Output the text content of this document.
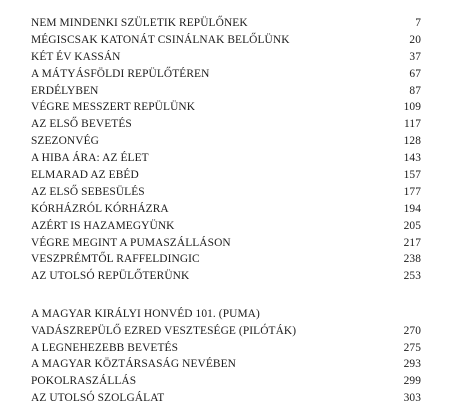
NEM MINDENKI SZÜLETIK REPÜLŐNEK	7
MÉGISCSAK KATONÁT CSINÁLNAK BELŐLÜNK	20
KÉT ÉV KASSÁN	37
A MÁTYÁSFÖLDI REPÜLŐTÉREN	67
ERDÉLYBEN	87
VÉGRE MESSZERT REPÜLÜNK	109
AZ ELSŐ BEVETÉS	117
SZEZONVÉG	128
A HIBA ÁRA: AZ ÉLET	143
ELMARAD AZ EBÉD	157
AZ ELSŐ SEBESÜLÉS	177
KÓRHÁZRÓL KÓRHÁZRA	194
AZÉRT IS HAZAMEGYÜNK	205
VÉGRE MEGINT A PUMASZÁLLÁSON	217
VESZPRÉMTŐL RAFFELDINGIC	238
AZ UTOLSÓ REPÜLŐTERÜNK	253
A MAGYAR KIRÁLYI HONVÉD 101. (PUMA)
VADÁSZREPÜLŐ EZRED VESZTESÉGE (PILÓTÁK)	270
A LEGNEHEZEBB BEVETÉS	275
A MAGYAR KÖZTÁRSASÁG NEVÉBEN	293
POKOLRASZÁLLÁS	299
AZ UTOLSÓ SZOLGÁLAT	303
